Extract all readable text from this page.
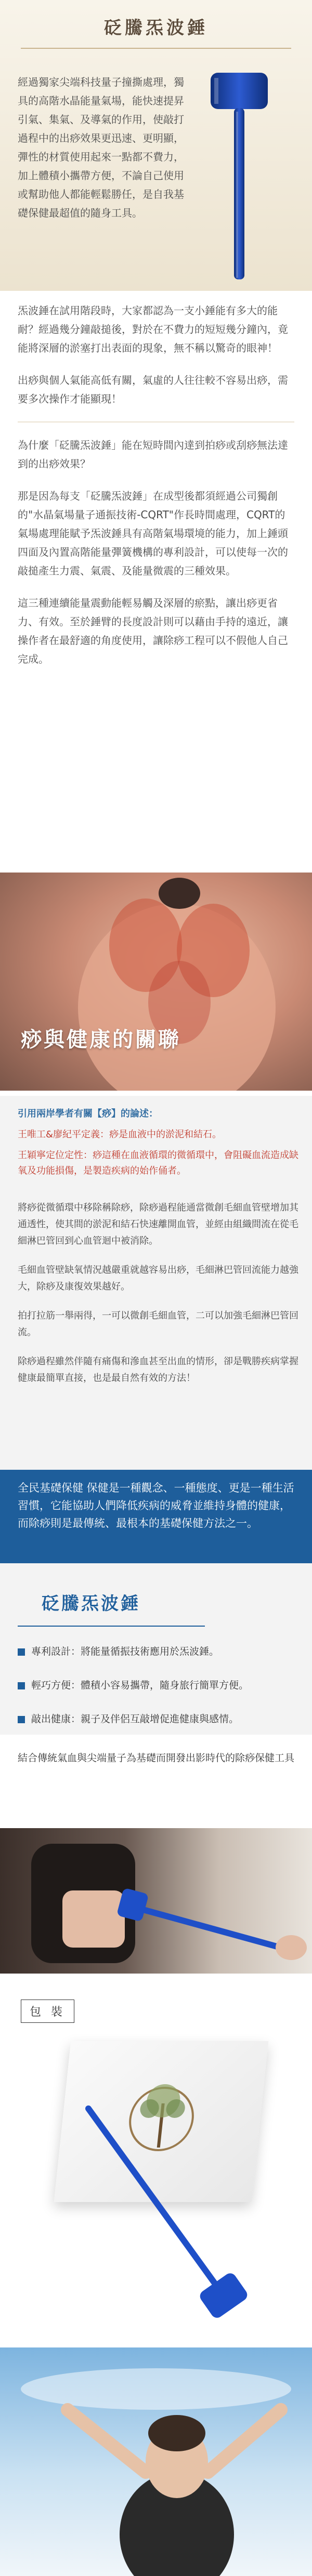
砭騰炁波錘

經過獨家尖端科技量子撞撕處理，獨具的高階水晶能量氣場，能快速提昇引氣、集氣、及導氣的作用，使敲打過程中的出痧效果更迅速、更明顯，彈性的材質使用起來一點都不費力，加上體積小攜帶方便，不論自己使用或幫助他人都能輕鬆勝任，是自我基礎保健最超值的隨身工具。

炁波錘在試用階段時，大家都認為一支小錘能有多大的能耐？經過幾分鐘敲搥後，對於在不費力的短短幾分鐘內，竟能將深層的淤塞打出表面的現象，無不稱以驚奇的眼神！

出痧與個人氣能高低有關，氣虛的人往往較不容易出痧，需要多次操作才能顯現！

為什麼「砭騰炁波錘」能在短時間內達到拍痧或刮痧無法達到的出痧效果？

那是因為每支「砭騰炁波錘」在成型後都須經過公司獨創的"水晶氣場量子通振技術-CQRT"作長時間處理，CQRT的氣場處理能賦予炁波錘具有高階氣場環境的能力，加上錘頭四面及內置高階能量彈簧機構的專利設計，可以使每一次的敲搥產生力震、氣震、及能量微震的三種效果。

這三種連續能量震動能輕易觸及深層的瘀點，讓出痧更省力、有效。至於錘臂的長度設計則可以藉由手持的遠近，讓操作者在最舒適的角度使用，讓除痧工程可以不假他人自己完成。

痧與健康的關聯
引用兩岸學者有關【痧】的論述：
王唯工&廖紀平定義：痧是血液中的淤泥和結石。
王穎寧定位定性：痧這種在血液循環的微循環中，會阻礙血流造成缺氧及功能損傷，是製造疾病的始作俑者。

將痧從微循環中移除稱除痧，除痧過程能通當微創毛細血管壁增加其通透性，使其間的淤泥和結石快速離開血管，並經由組織間流在從毛細淋巴管回到心血管迴中被消除。

毛細血管壁缺氧情況越嚴重就越容易出痧，毛細淋巴管回流能力越強大，除痧及康復效果越好。

拍打拉筋一舉兩得，一可以微創毛細血管，二可以加強毛細淋巴管回流。

除痧過程雖然伴隨有痛傷和滲血甚至出血的情形，卻是戰勝疾病掌握健康最簡單直接，也是最自然有效的方法！

全民基礎保健 保健是一種觀念、一種態度、更是一種生活習慣，它能協助人們降低疾病的威脅並維持身體的健康，而除痧則是最傳統、最根本的基礎保健方法之一。
砭騰炁波錘
專利設計：將能量循振技術應用於炁波錘。
輕巧方便：體積小容易攜帶，隨身旅行簡單方便。
敲出健康：親子及伴侶互敲增促進健康與感情。
結合傳統氣血與尖端量子為基礎而開發出影時代的除痧保健工具
包 裝
